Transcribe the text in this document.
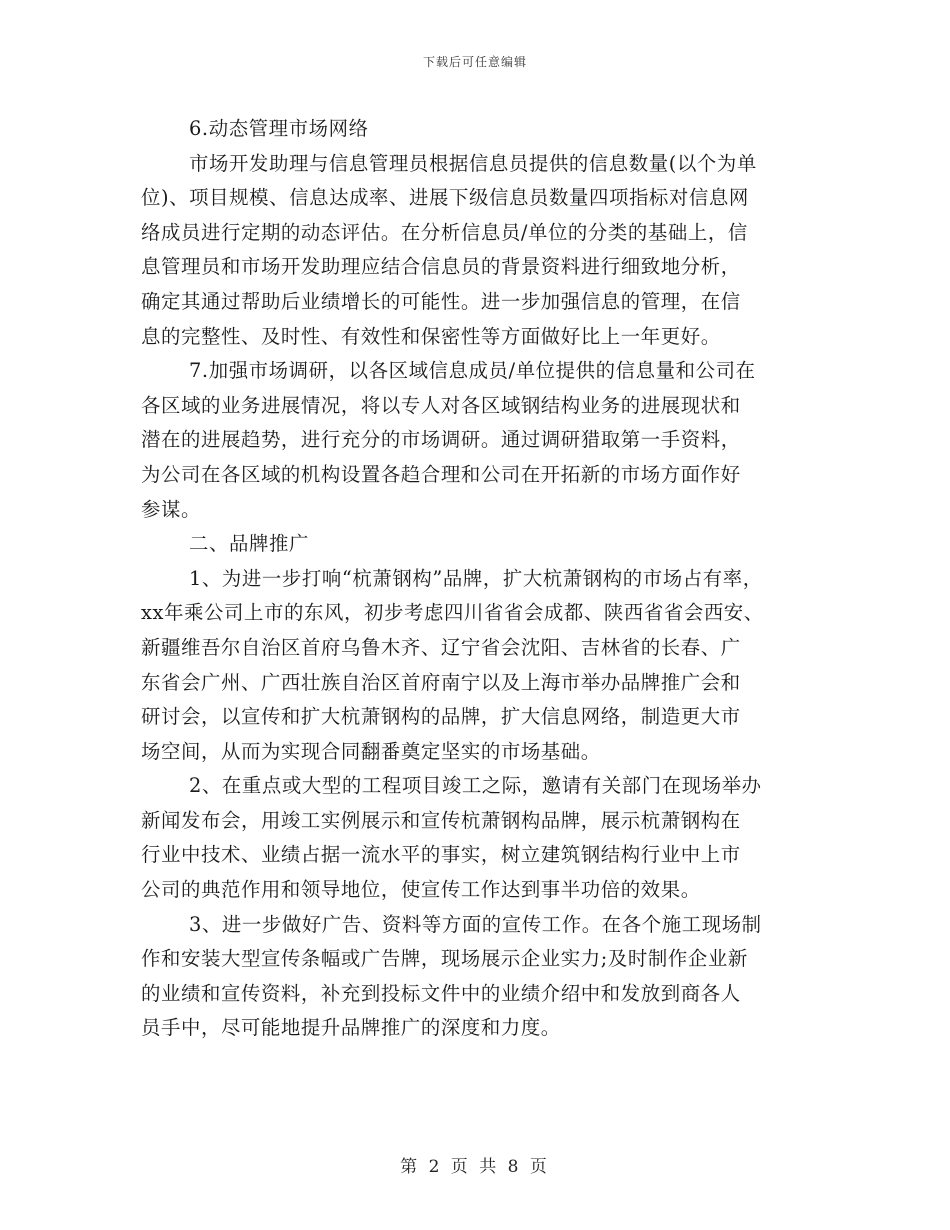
下载后可任意编辑
6.动态管理市场网络
市场开发助理与信息管理员根据信息员提供的信息数量(以个为单
位)、项目规模、信息达成率、进展下级信息员数量四项指标对信息网
络成员进行定期的动态评估。在分析信息员/单位的分类的基础上，信
息管理员和市场开发助理应结合信息员的背景资料进行细致地分析，
确定其通过帮助后业绩增长的可能性。进一步加强信息的管理，在信
息的完整性、及时性、有效性和保密性等方面做好比上一年更好。
7.加强市场调研，以各区域信息成员/单位提供的信息量和公司在
各区域的业务进展情况，将以专人对各区域钢结构业务的进展现状和
潜在的进展趋势，进行充分的市场调研。通过调研猎取第一手资料，
为公司在各区域的机构设置各趋合理和公司在开拓新的市场方面作好
参谋。
二、品牌推广
1、为进一步打响“杭萧钢构”品牌，扩大杭萧钢构的市场占有率，
xx年乘公司上市的东风，初步考虑四川省省会成都、陕西省省会西安、
新疆维吾尔自治区首府乌鲁木齐、辽宁省会沈阳、吉林省的长春、广
东省会广州、广西壮族自治区首府南宁以及上海市举办品牌推广会和
研讨会，以宣传和扩大杭萧钢构的品牌，扩大信息网络，制造更大市
场空间，从而为实现合同翻番奠定坚实的市场基础。
2、在重点或大型的工程项目竣工之际，邀请有关部门在现场举办
新闻发布会，用竣工实例展示和宣传杭萧钢构品牌，展示杭萧钢构在
行业中技术、业绩占据一流水平的事实，树立建筑钢结构行业中上市
公司的典范作用和领导地位，使宣传工作达到事半功倍的效果。
3、进一步做好广告、资料等方面的宣传工作。在各个施工现场制
作和安装大型宣传条幅或广告牌，现场展示企业实力;及时制作企业新
的业绩和宣传资料，补充到投标文件中的业绩介绍中和发放到商各人
员手中，尽可能地提升品牌推广的深度和力度。
第 2 页 共 8 页
